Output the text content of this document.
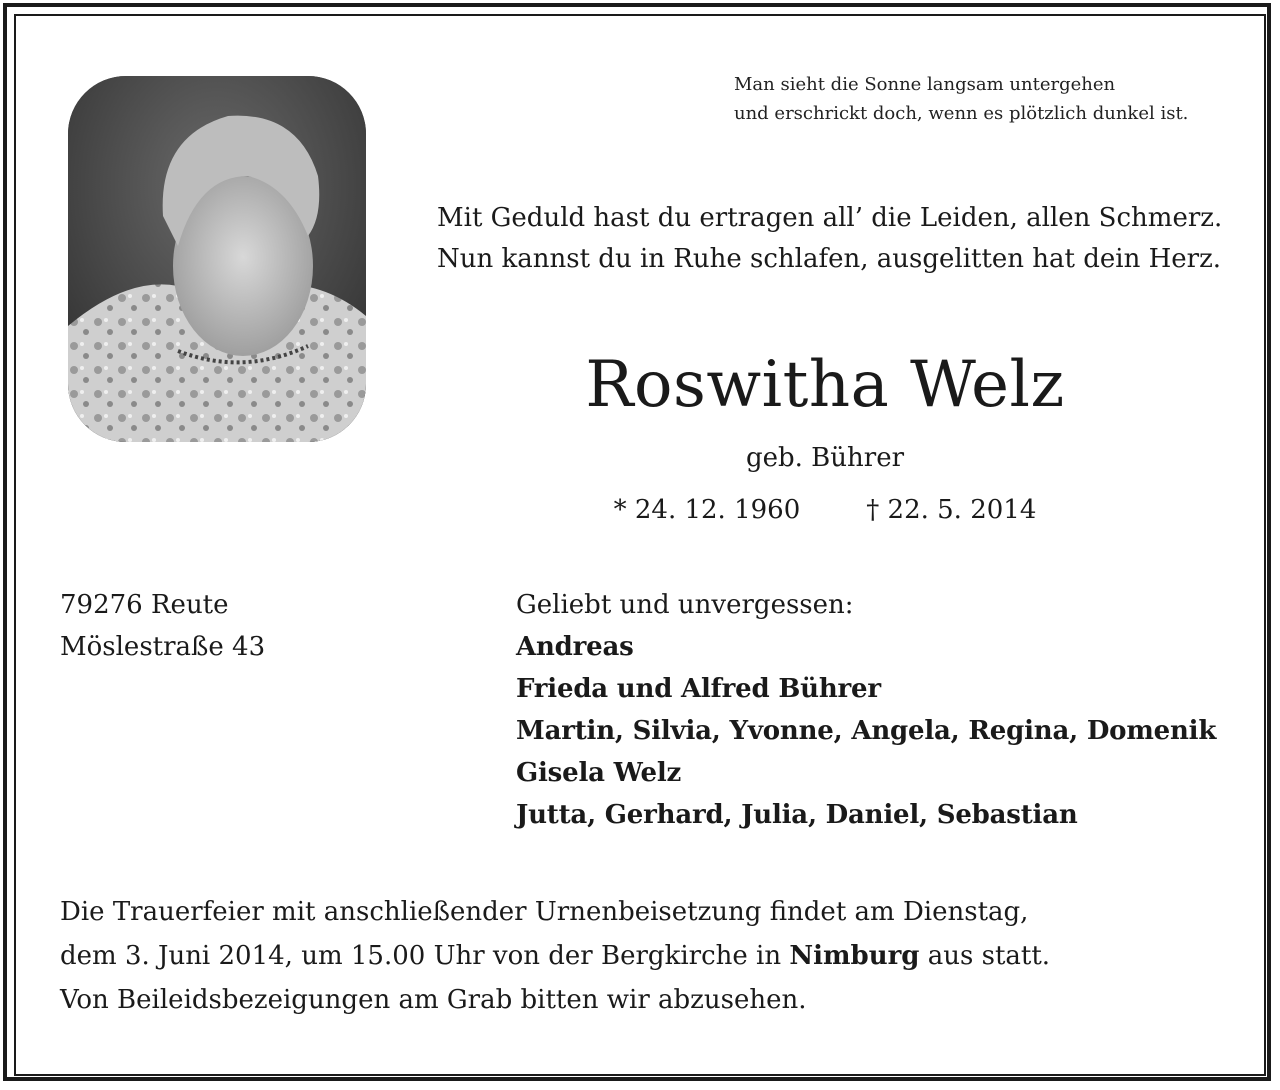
Man sieht die Sonne langsam untergehen
und erschrickt doch, wenn es plötzlich dunkel ist.
Mit Geduld hast du ertragen all’ die Leiden, allen Schmerz.
Nun kannst du in Ruhe schlafen, ausgelitten hat dein Herz.
Roswitha Welz
geb. Bührer
* 24. 12. 1960	† 22. 5. 2014
79276 Reute
Möslestraße 43
Geliebt und unvergessen:
Andreas
Frieda und Alfred Bührer
Martin, Silvia, Yvonne, Angela, Regina, Domenik
Gisela Welz
Jutta, Gerhard, Julia, Daniel, Sebastian
Die Trauerfeier mit anschließender Urnenbeisetzung findet am Dienstag,
dem 3. Juni 2014, um 15.00 Uhr von der Bergkirche in Nimburg aus statt.
Von Beileidsbezeigungen am Grab bitten wir abzusehen.
